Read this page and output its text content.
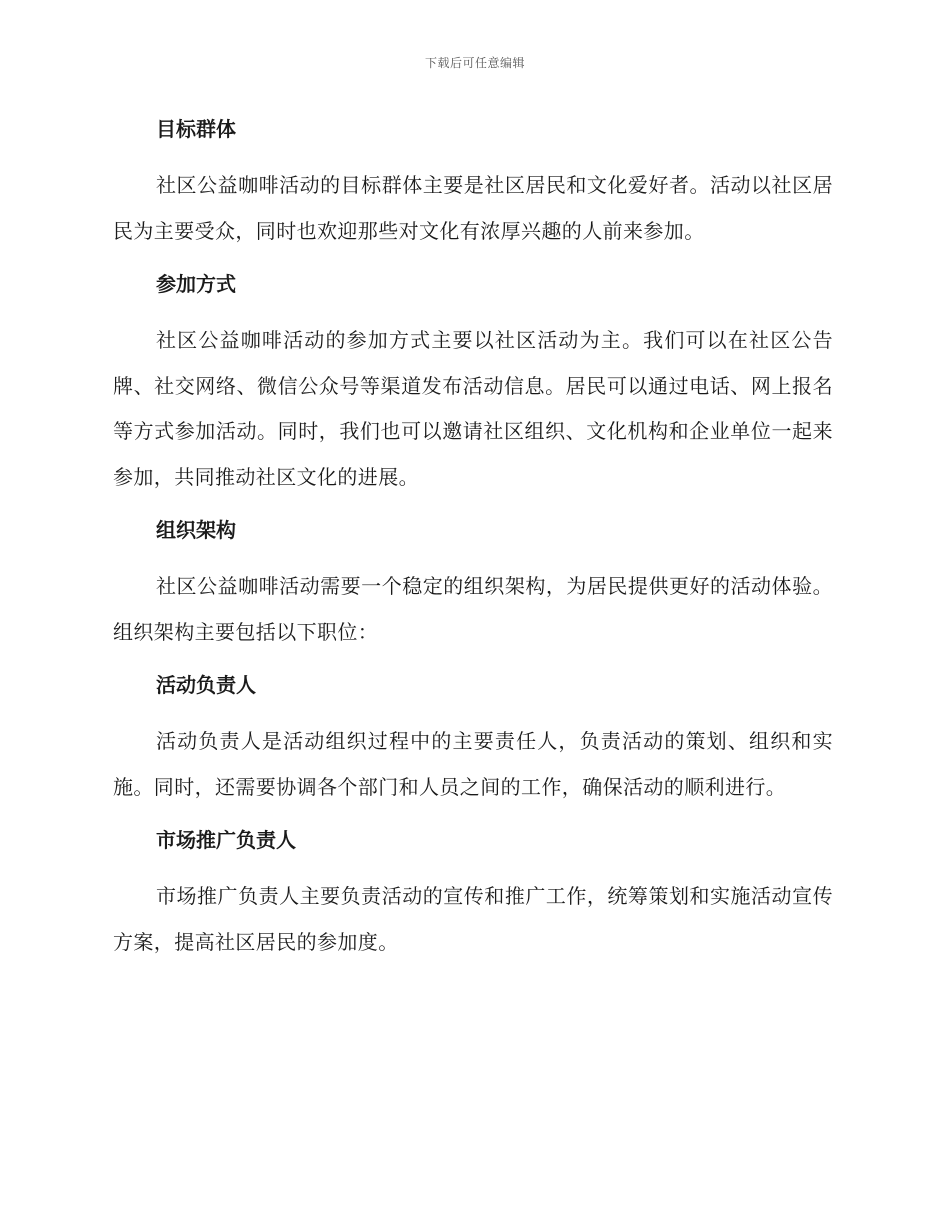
下载后可任意编辑
目标群体

社区公益咖啡活动的目标群体主要是社区居民和文化爱好者。活动以社区居民为主要受众，同时也欢迎那些对文化有浓厚兴趣的人前来参加。

参加方式

社区公益咖啡活动的参加方式主要以社区活动为主。我们可以在社区公告牌、社交网络、微信公众号等渠道发布活动信息。居民可以通过电话、网上报名等方式参加活动。同时，我们也可以邀请社区组织、文化机构和企业单位一起来参加，共同推动社区文化的进展。

组织架构

社区公益咖啡活动需要一个稳定的组织架构，为居民提供更好的活动体验。组织架构主要包括以下职位：

活动负责人

活动负责人是活动组织过程中的主要责任人，负责活动的策划、组织和实施。同时，还需要协调各个部门和人员之间的工作，确保活动的顺利进行。

市场推广负责人

市场推广负责人主要负责活动的宣传和推广工作，统筹策划和实施活动宣传方案，提高社区居民的参加度。
